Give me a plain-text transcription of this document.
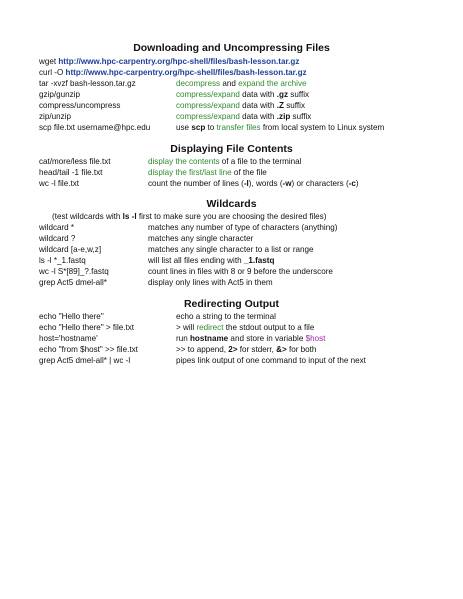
Downloading and Uncompressing Files
wget http://www.hpc-carpentry.org/hpc-shell/files/bash-lesson.tar.gz
curl -O http://www.hpc-carpentry.org/hpc-shell/files/bash-lesson.tar.gz
tar -xvzf bash-lesson.tar.gz	decompress and expand the archive
gzip/gunzip	compress/expand data with .gz suffix
compress/uncompress	compress/expand data with .Z suffix
zip/unzip	compress/expand data with .zip suffix
scp file.txt username@hpc.edu	use scp to transfer files from local system to Linux system
Displaying File Contents
cat/more/less file.txt	display the contents of a file to the terminal
head/tail -1 file.txt	display the first/last line of the file
wc -l file.txt	count the number of lines (-l), words (-w) or characters (-c)
Wildcards
(test wildcards with ls -l first to make sure you are choosing the desired files)
wildcard *	matches any number of type of characters (anything)
wildcard ?	matches any single character
wildcard [a-e,w,z]	matches any single character to a list or range
ls -l *_1.fastq	will list all files ending with _1.fastq
wc -l S*[89]_?.fastq	count lines in files with 8 or 9 before the underscore
grep Act5 dmel-all*	display only lines with Act5 in them
Redirecting Output
echo "Hello there"	echo a string to the terminal
echo "Hello there" > file.txt	> will redirect the stdout output to a file
host='hostname'	run hostname and store in variable $host
echo "from $host" >> file.txt	>> to append, 2> for stderr, &> for both
grep Act5 dmel-all* | wc -l	pipes link output of one command to input of the next
